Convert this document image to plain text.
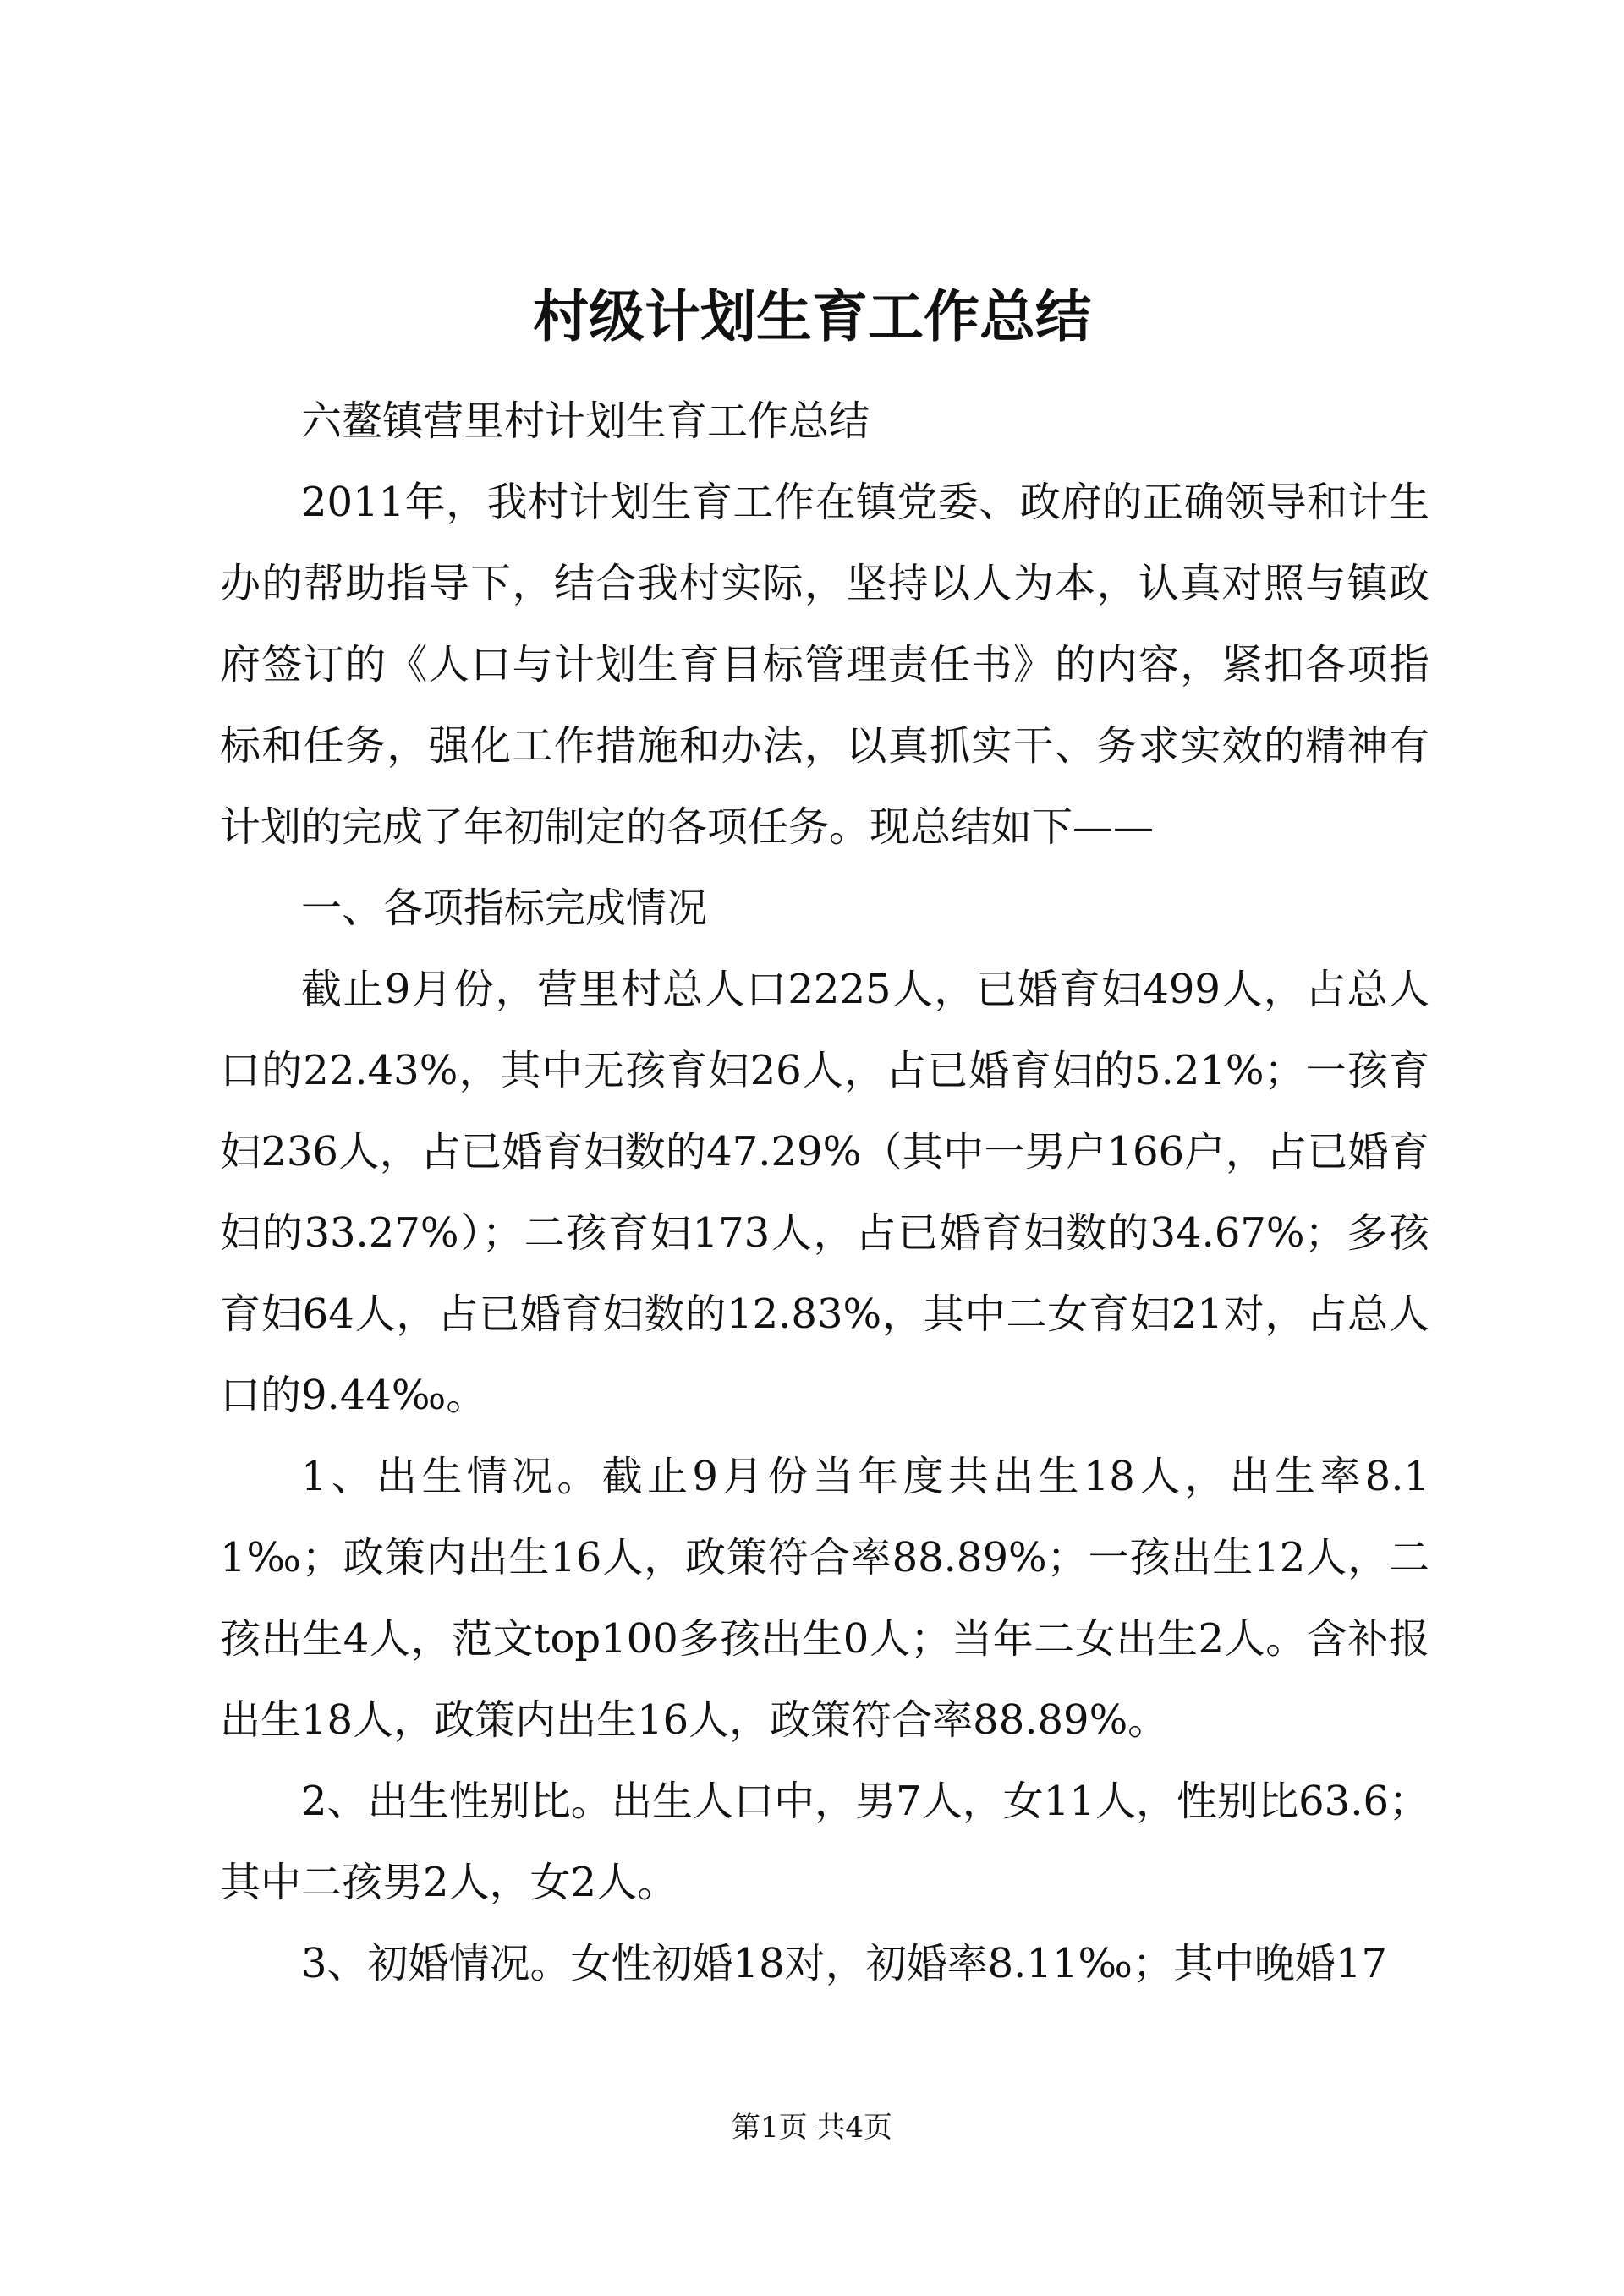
村级计划生育工作总结

六鳌镇营里村计划生育工作总结

2011年，我村计划生育工作在镇党委、政府的正确领导和计生办的帮助指导下，结合我村实际，坚持以人为本，认真对照与镇政府签订的《人口与计划生育目标管理责任书》的内容，紧扣各项指标和任务，强化工作措施和办法，以真抓实干、务求实效的精神有计划的完成了年初制定的各项任务。现总结如下——

一、各项指标完成情况

截止9月份，营里村总人口2225人，已婚育妇499人，占总人口的22.43%，其中无孩育妇26人，占已婚育妇的5.21%；一孩育妇236人，占已婚育妇数的47.29%（其中一男户166户，占已婚育妇的33.27%）；二孩育妇173人，占已婚育妇数的34.67%；多孩育妇64人，占已婚育妇数的12.83%，其中二女育妇21对，占总人口的9.44‰。

1、出生情况。截止9月份当年度共出生18人，出生率8.11‰；政策内出生16人，政策符合率88.89%；一孩出生12人，二孩出生4人，范文top100多孩出生0人；当年二女出生2人。含补报出生18人，政策内出生16人，政策符合率88.89%。

2、出生性别比。出生人口中，男7人，女11人，性别比63.6；其中二孩男2人，女2人。

3、初婚情况。女性初婚18对，初婚率8.11‰；其中晚婚17

第1页 共4页
